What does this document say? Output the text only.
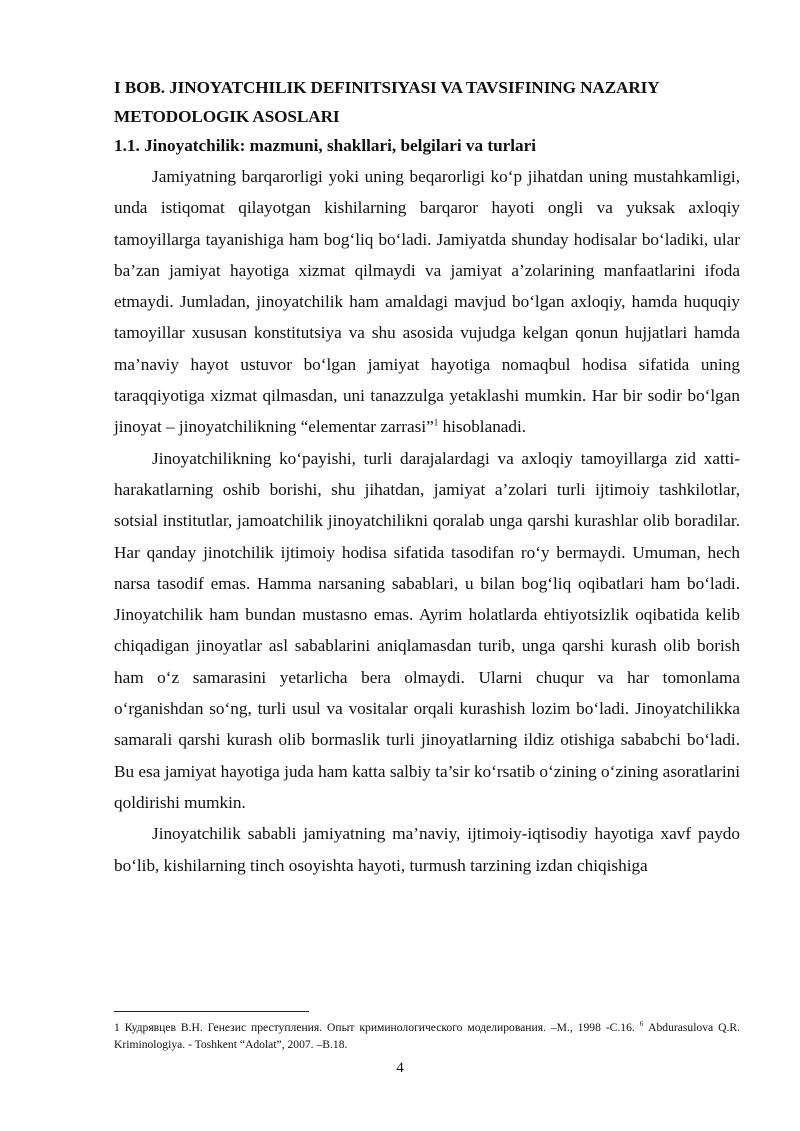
I BOB. JINOYATCHILIK DEFINITSIYASI VA TAVSIFINING NAZARIY METODOLOGIK ASOSLARI
1.1. Jinoyatchilik: mazmuni, shakllari, belgilari va turlari

Jamiyatning barqarorligi yoki uning beqarorligi ko‘p jihatdan uning mustahkamligi, unda istiqomat qilayotgan kishilarning barqaror hayoti ongli va yuksak axloqiy tamoyillarga tayanishiga ham bog‘liq bo‘ladi. Jamiyatda shunday hodisalar bo‘ladiki, ular ba’zan jamiyat hayotiga xizmat qilmaydi va jamiyat a’zolarining manfaatlarini ifoda etmaydi. Jumladan, jinoyatchilik ham amaldagi mavjud bo‘lgan axloqiy, hamda huquqiy tamoyillar xususan konstitutsiya va shu asosida vujudga kelgan qonun hujjatlari hamda ma’naviy hayot ustuvor bo‘lgan jamiyat hayotiga nomaqbul hodisa sifatida uning taraqqiyotiga xizmat qilmasdan, uni tanazzulga yetaklashi mumkin. Har bir sodir bo‘lgan jinoyat – jinoyatchilikning “elementar zarrasi”$^1$ hisoblanadi.

Jinoyatchilikning ko‘payishi, turli darajalardagi va axloqiy tamoyillarga zid xatti-harakatlarning oshib borishi, shu jihatdan, jamiyat a’zolari turli ijtimoiy tashkilotlar, sotsial institutlar, jamoatchilik jinoyatchilikni qoralab unga qarshi kurashlar olib boradilar. Har qanday jinotchilik ijtimoiy hodisa sifatida tasodifan ro‘y bermaydi. Umuman, hech narsa tasodif emas. Hamma narsaning sabablari, u bilan bog‘liq oqibatlari ham bo‘ladi. Jinoyatchilik ham bundan mustasno emas. Ayrim holatlarda ehtiyotsizlik oqibatida kelib chiqadigan jinoyatlar asl sabablarini aniqlamasdan turib, unga qarshi kurash olib borish ham o‘z samarasini yetarlicha bera olmaydi. Ularni chuqur va har tomonlama o‘rganishdan so‘ng, turli usul va vositalar orqali kurashish lozim bo‘ladi. Jinoyatchilikka samarali qarshi kurash olib bormaslik turli jinoyatlarning ildiz otishiga sababchi bo‘ladi. Bu esa jamiyat hayotiga juda ham katta salbiy ta’sir ko‘rsatib o‘zining o‘zining asoratlarini qoldirishi mumkin.

Jinoyatchilik sababli jamiyatning ma’naviy, ijtimoiy-iqtisodiy hayotiga xavf paydo bo‘lib, kishilarning tinch osoyishta hayoti, turmush tarzining izdan chiqishiga

1 Кудрявцев В.Н. Генезис преступления. Опыт криминологического моделирования. –М., 1998 -С.16. $^6$ Abdurasulova Q.R. Kriminologiya. - Toshkent “Adolat”, 2007. –B.18.

4
